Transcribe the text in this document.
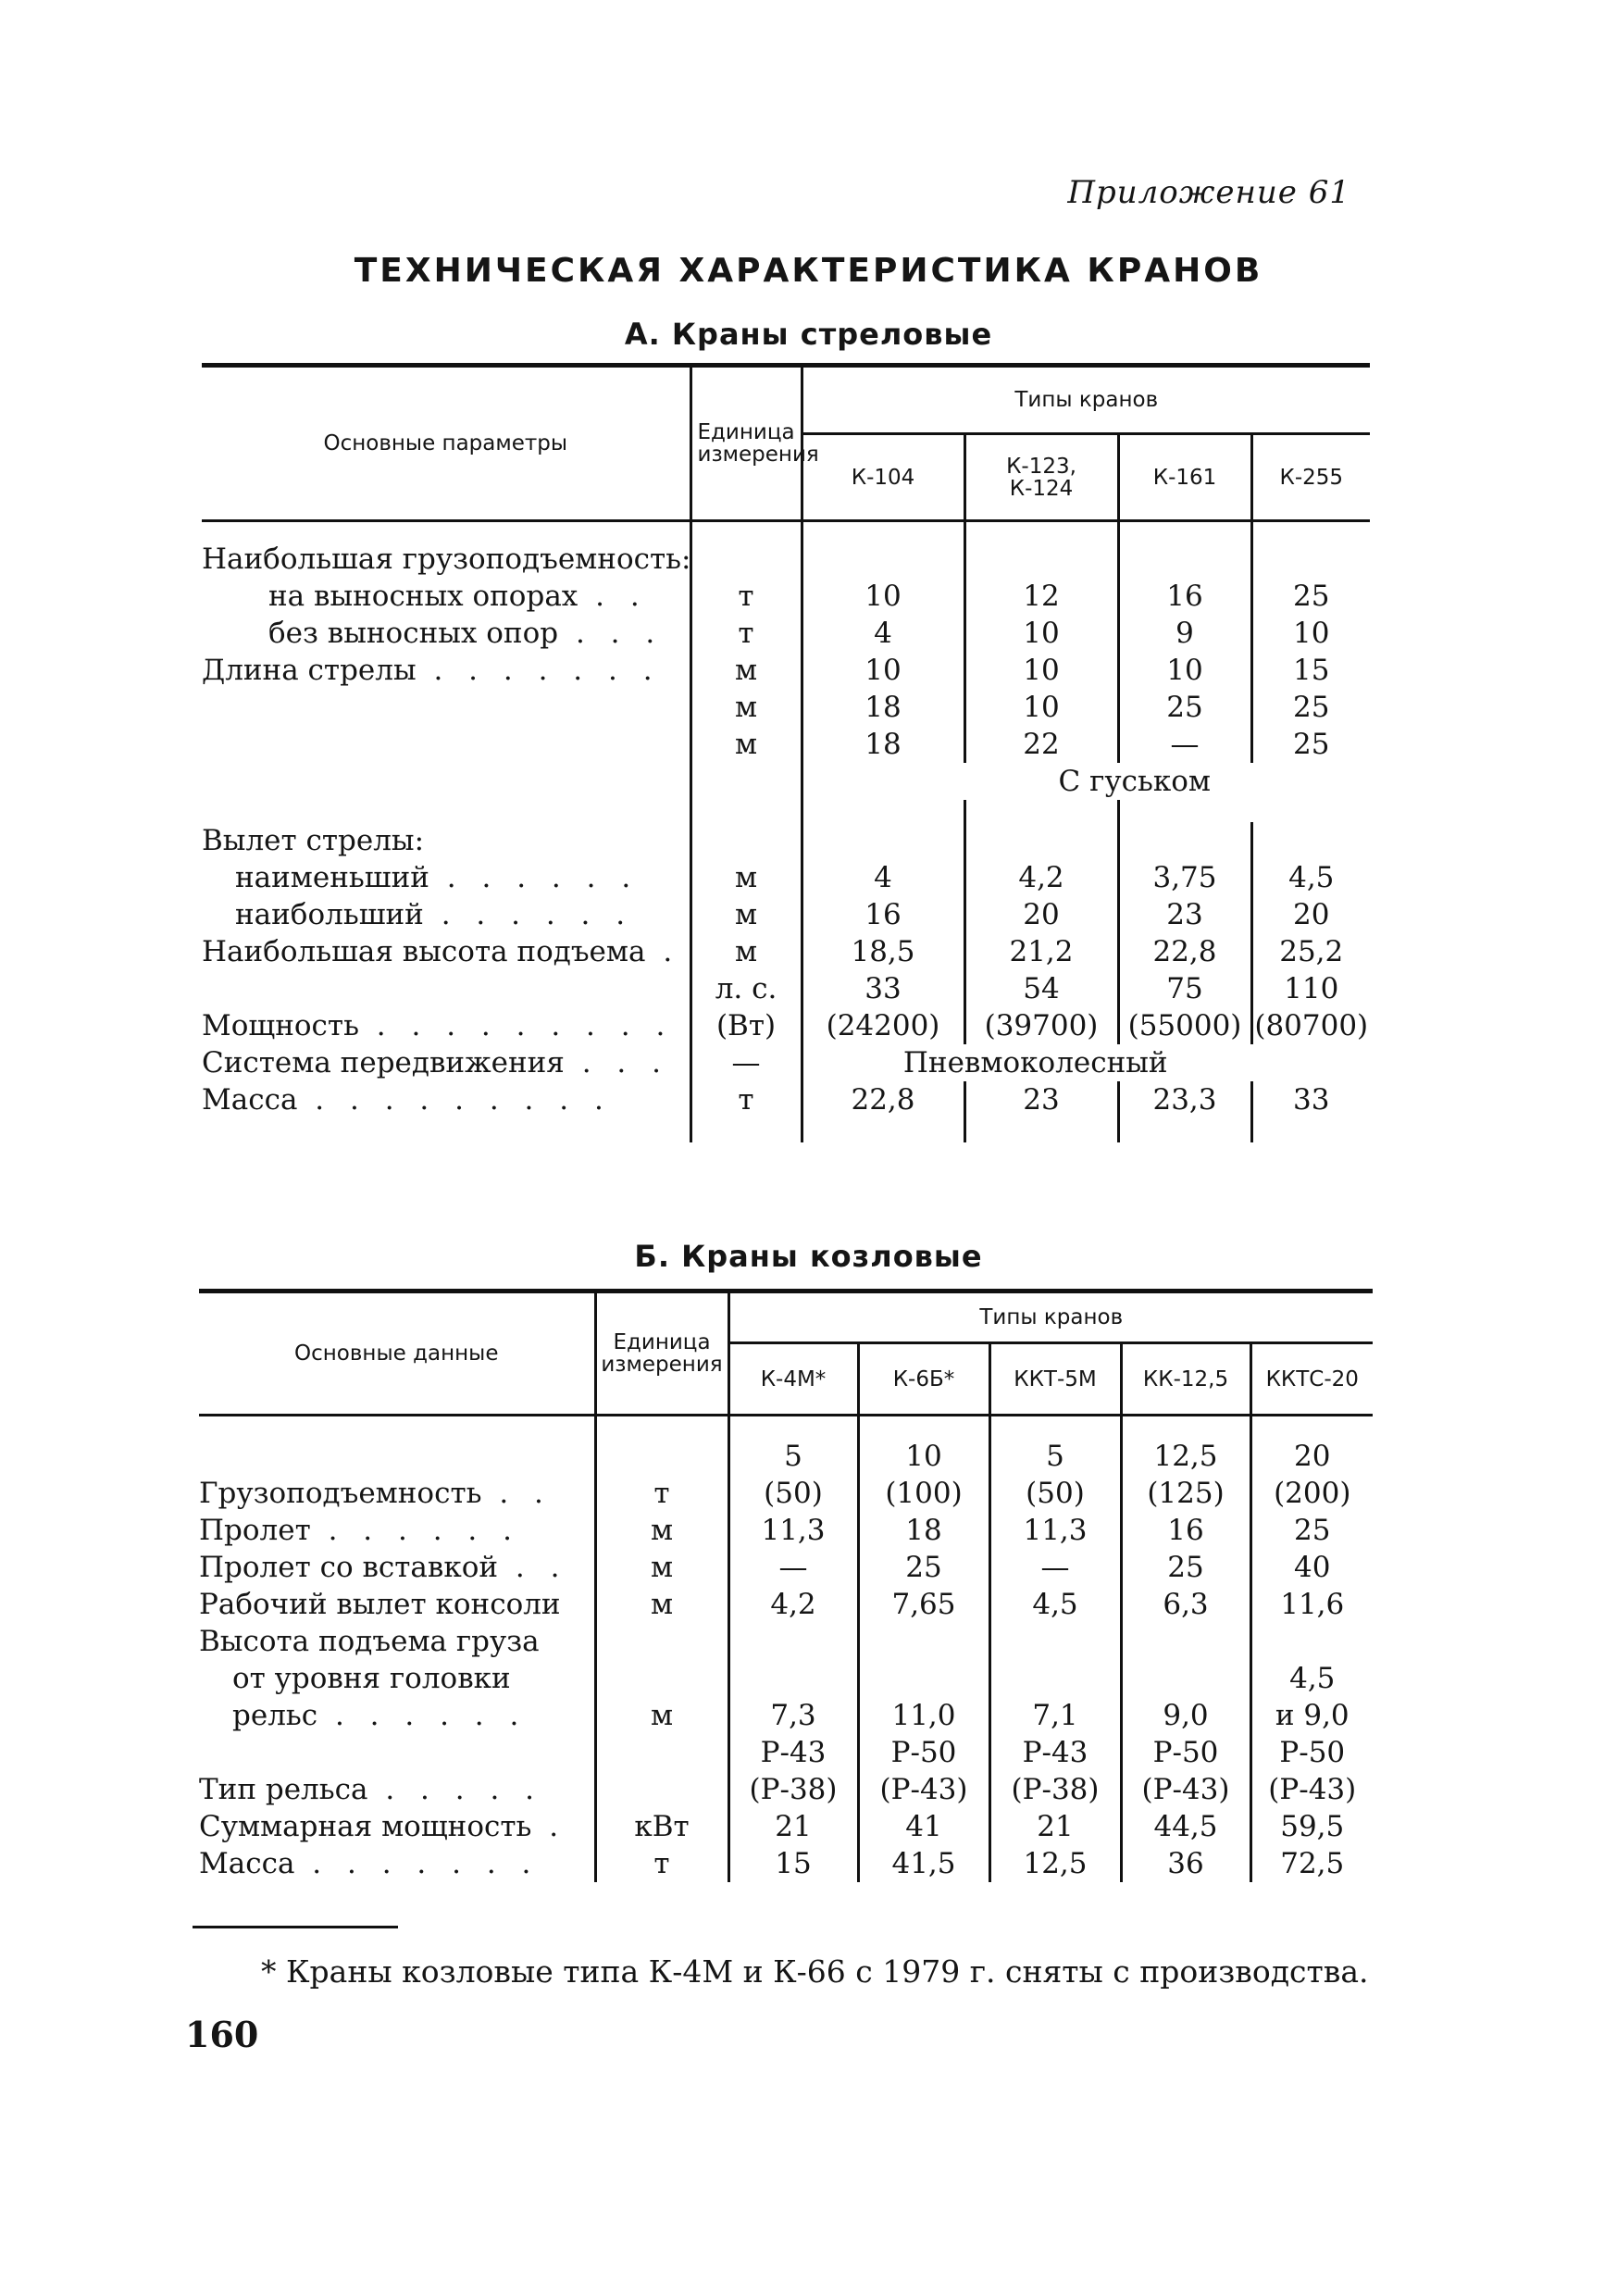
Приложение 61
ТЕХНИЧЕСКАЯ ХАРАКТЕРИСТИКА КРАНОВ
А. Краны стреловые
Основные параметры	Единица измерения	Типы кранов			
		К-104	К-123, К-124	К-161	К-255
Наибольшая грузоподъемность:					
на выносных опорах . .	т	10	12	16	25
без выносных опор . . .	т	4	10	9	10
Длина стрелы . . . . . . .	м	10	10	10	15
	м	18	10	25	25
	м	18	22	—	25
		С гуськом			

Вылет стрелы:					
наименьший . . . . . .	м	4	4,2	3,75	4,5
наибольший . . . . . .	м	16	20	23	20
Наибольшая высота подъема .	м	18,5	21,2	22,8	25,2
	л. с.	33	54	75	110
Мощность . . . . . . . . .	(Вт)	(24200)	(39700)	(55000)	(80700)
Система передвижения . . .	—	Пневмоколесный			
Масса . . . . . . . . .	т	22,8	23	23,3	33

Б. Краны козловые
Основные данные	Единица измерения	Типы кранов				
		К-4М*	К-6Б*	ККТ-5М	КК-12,5	ККТС-20

		5	10	5	12,5	20
Грузоподъемность . .	т	(50)	(100)	(50)	(125)	(200)
Пролет . . . . . .	м	11,3	18	11,3	16	25
Пролет со вставкой . .	м	—	25	—	25	40
Рабочий вылет консоли	м	4,2	7,65	4,5	6,3	11,6
Высота подъема груза						
от уровня головки						4,5
рельс . . . . . .	м	7,3	11,0	7,1	9,0	и 9,0
		Р-43	Р-50	Р-43	Р-50	Р-50
Тип рельса . . . . .		(Р-38)	(Р-43)	(Р-38)	(Р-43)	(Р-43)
Суммарная мощность .	кВт	21	41	21	44,5	59,5
Масса . . . . . . .	т	15	41,5	12,5	36	72,5
* Краны козловые типа К-4М и К-66 с 1979 г. сняты с производства.
160
